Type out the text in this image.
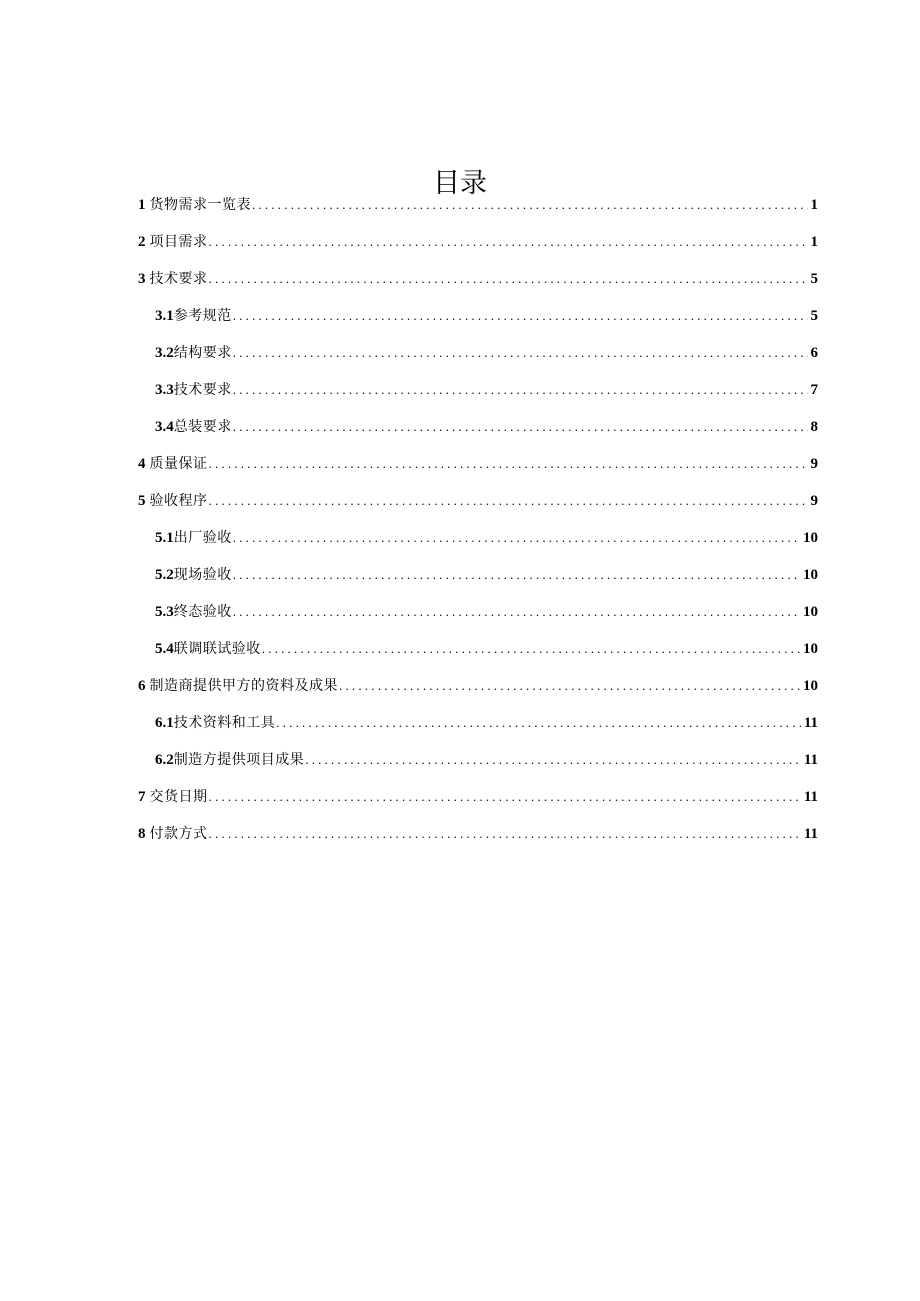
目录
1 货物需求一览表 .....	1
2 项目需求 .....	1
3 技术要求 .....	5
3.1 参考规范 .....	5
3.2 结构要求 .....	6
3.3 技术要求 .....	7
3.4 总装要求 .....	8
4 质量保证 .....	9
5 验收程序 .....	9
5.1 出厂验收 .....	10
5.2 现场验收 .....	10
5.3 终态验收 .....	10
5.4 联调联试验收 .....	10
6 制造商提供甲方的资料及成果 .....	10
6.1 技术资料和工具 .....	11
6.2 制造方提供项目成果 .....	11
7 交货日期 .....	11
8 付款方式 .....	11
